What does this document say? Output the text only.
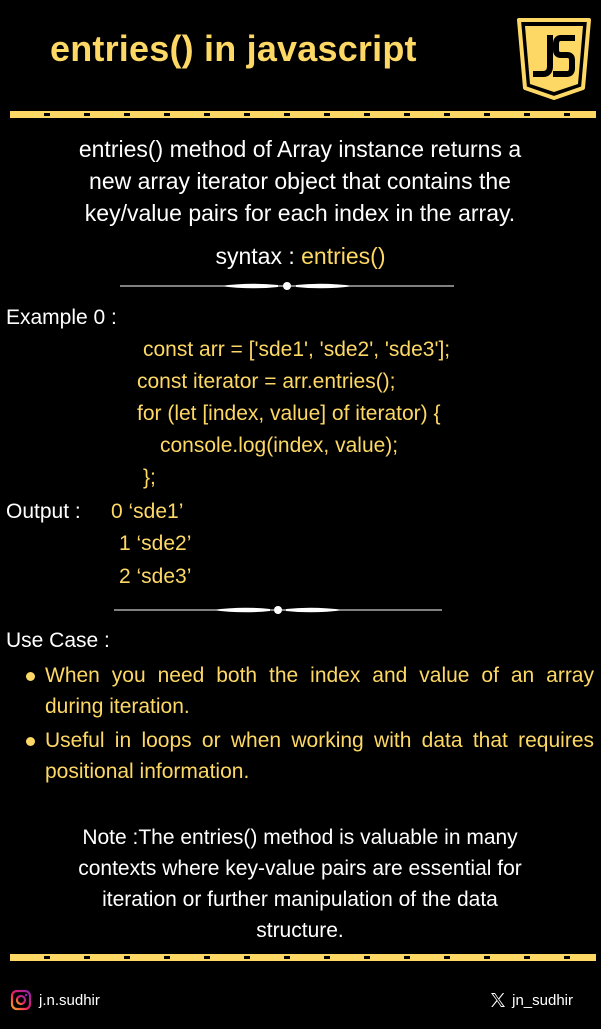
entries() in javascript
entries() method of Array instance returns a
new array iterator object that contains the
key/value pairs for each index in the array.
syntax : entries()
Example 0 :
const arr = ['sde1', 'sde2', 'sde3'];
const iterator = arr.entries();
for (let [index, value] of iterator) {
console.log(index, value);
};
Output : 0 ‘sde1’
1 ‘sde2’
2 ‘sde3’
Use Case :
When you need both the index and value of an array during iteration.
Useful in loops or when working with data that requires positional information.
Note :The entries() method is valuable in many
contexts where key-value pairs are essential for
iteration or further manipulation of the data
structure.
j.n.sudhir	jn_sudhir
